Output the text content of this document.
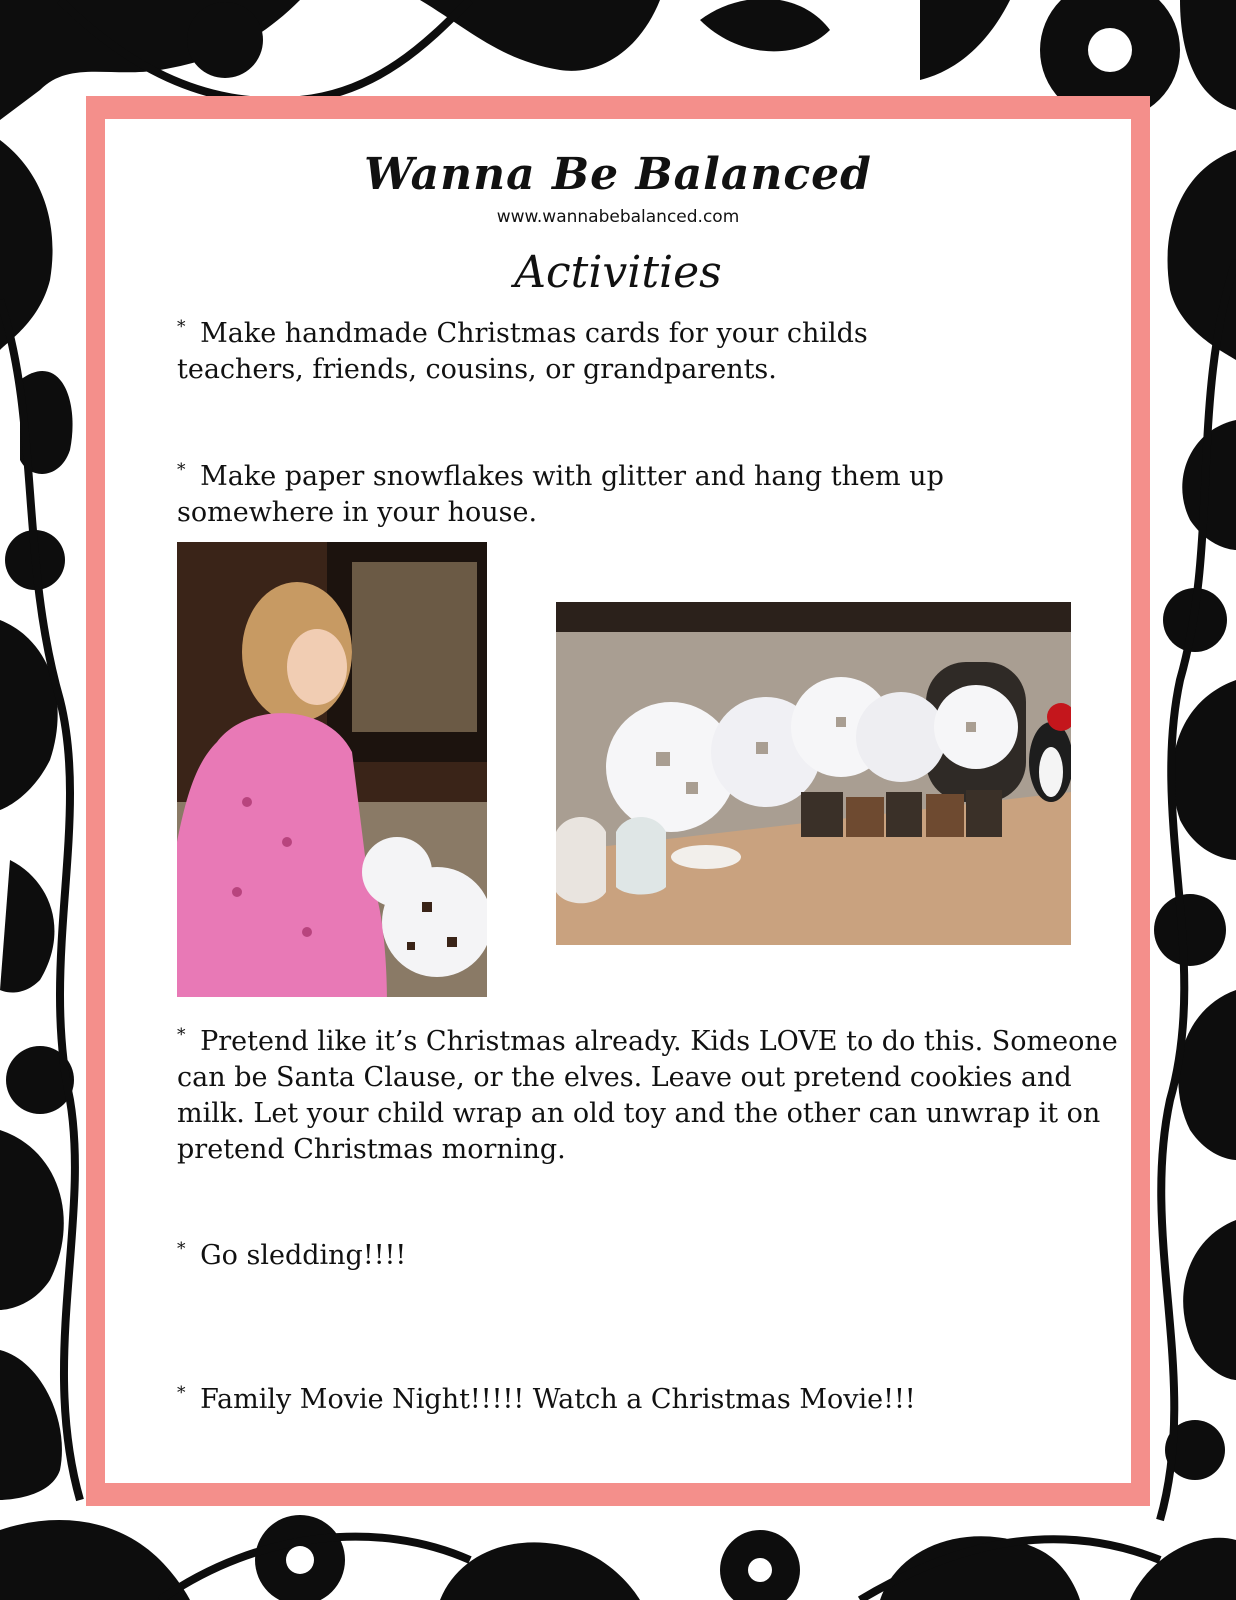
Wanna Be Balanced
www.wannabebalanced.com
Activities

* Make handmade Christmas cards for your childs teachers, friends, cousins, or grandparents.

* Make paper snowflakes with glitter and hang them up somewhere in your house.

* Pretend like it’s Christmas already. Kids LOVE to do this. Someone can be Santa Clause, or the elves. Leave out pretend cookies and milk. Let your child wrap an old toy and the other can unwrap it on pretend Christmas morning.

* Go sledding!!!!

* Family Movie Night!!!!! Watch a Christmas Movie!!!
